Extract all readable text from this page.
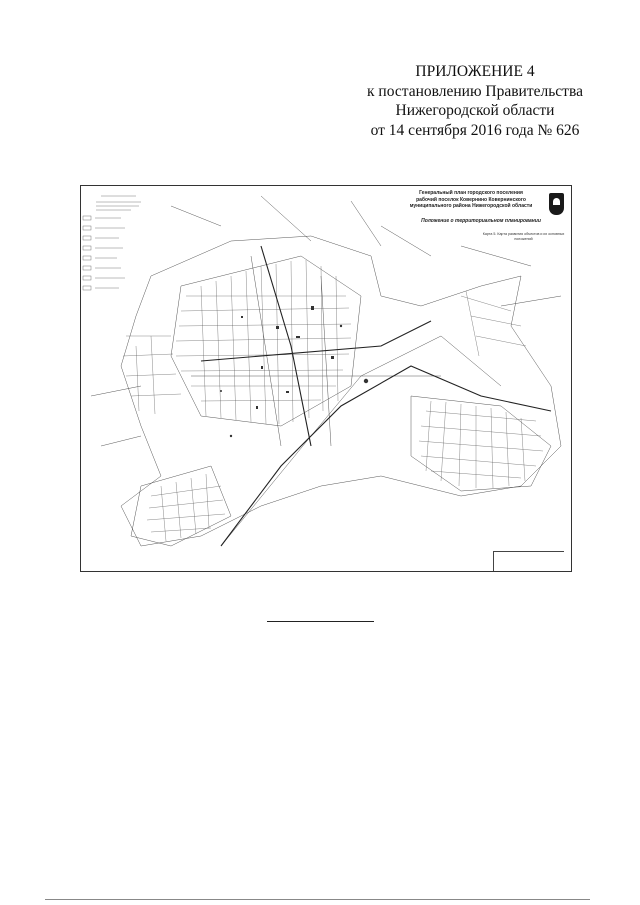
ПРИЛОЖЕНИЕ 4
к постановлению Правительства
Нижегородской области
от 14 сентября 2016 года № 626
Генеральный план городского поселения
рабочий поселок Ковернино Ковернинского
муниципального района Нижегородской области
Положение о территориальном планировании
Карта 5. Карта развития объектов и их основных положений
